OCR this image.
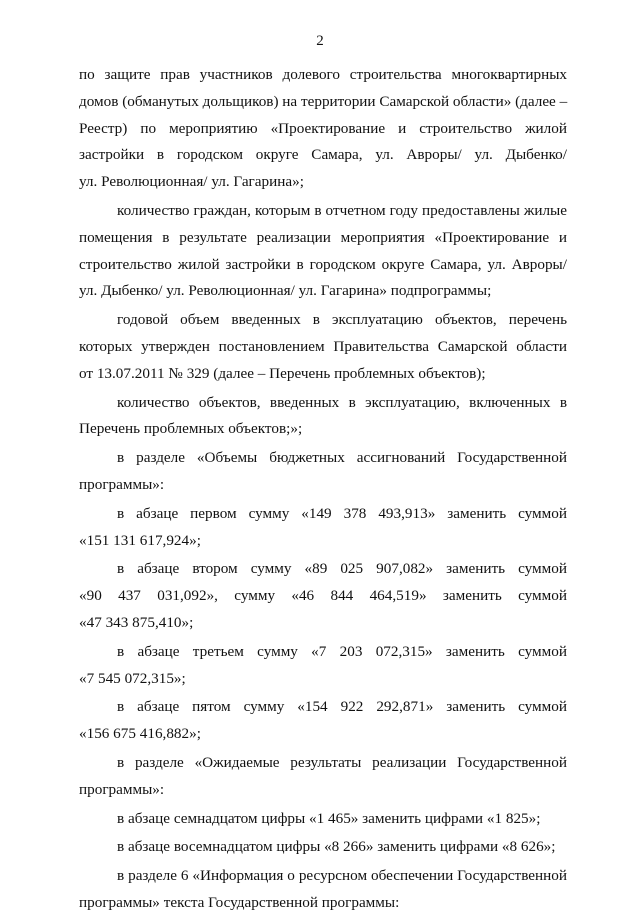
2
по защите прав участников долевого строительства многоквартирных
домов (обманутых дольщиков) на территории Самарской области» (далее –
Реестр) по мероприятию «Проектирование и строительство жилой
застройки в городском округе Самара, ул. Авроры/ ул. Дыбенко/
ул. Революционная/ ул. Гагарина»;
количество граждан, которым в отчетном году предоставлены жилые
помещения в результате реализации мероприятия «Проектирование и
строительство жилой застройки в городском округе Самара, ул. Авроры/
ул. Дыбенко/ ул. Революционная/ ул. Гагарина» подпрограммы;
годовой объем введенных в эксплуатацию объектов, перечень
которых утвержден постановлением Правительства Самарской области
от 13.07.2011 № 329 (далее – Перечень проблемных объектов);
количество объектов, введенных в эксплуатацию, включенных в
Перечень проблемных объектов;»;
в разделе «Объемы бюджетных ассигнований Государственной
программы»:
в абзаце первом сумму «149 378 493,913» заменить суммой
«151 131 617,924»;
в абзаце втором сумму «89 025 907,082» заменить суммой
«90 437 031,092», сумму «46 844 464,519» заменить суммой
«47 343 875,410»;
в абзаце третьем сумму «7 203 072,315» заменить суммой
«7 545 072,315»;
в абзаце пятом сумму «154 922 292,871» заменить суммой
«156 675 416,882»;
в разделе «Ожидаемые результаты реализации Государственной
программы»:
в абзаце семнадцатом цифры «1 465» заменить цифрами «1 825»;
в абзаце восемнадцатом цифры «8 266» заменить цифрами «8 626»;
в разделе 6 «Информация о ресурсном обеспечении Государственной
программы» текста Государственной программы:
